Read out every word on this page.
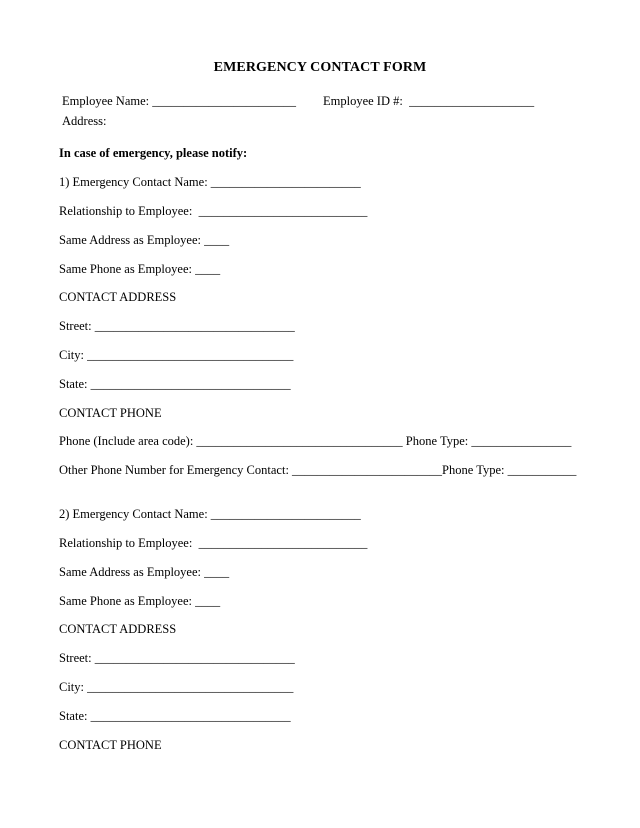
EMERGENCY CONTACT FORM
Employee Name: _______________________ Employee ID #:  ____________________
Address:
In case of emergency, please notify:
1) Emergency Contact Name: ________________________
Relationship to Employee:  ___________________________
Same Address as Employee: ____
Same Phone as Employee: ____
CONTACT ADDRESS
Street: ________________________________
City: _________________________________
State: ________________________________
CONTACT PHONE
Phone (Include area code): _________________________________ Phone Type: ________________
Other Phone Number for Emergency Contact: ________________________Phone Type: ___________
2) Emergency Contact Name: ________________________
Relationship to Employee:  ___________________________
Same Address as Employee: ____
Same Phone as Employee: ____
CONTACT ADDRESS
Street: ________________________________
City: _________________________________
State: ________________________________
CONTACT PHONE
